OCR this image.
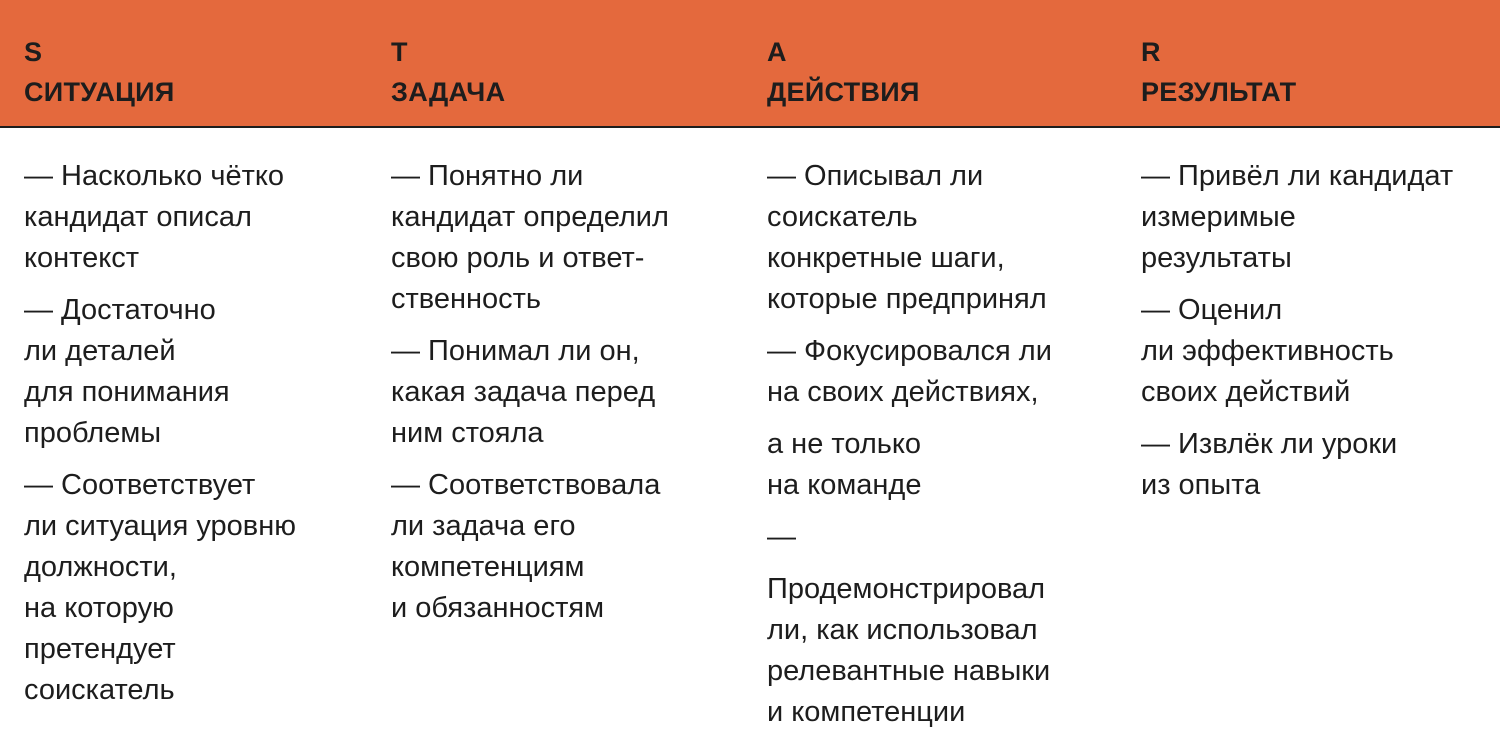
S
СИТУАЦИЯ
T
ЗАДАЧА
A
ДЕЙСТВИЯ
R
РЕЗУЛЬТАТ
— Насколько чётко
кандидат описал
контекст
— Достаточно
ли деталей
для понимания
проблемы
— Соответствует
ли ситуация уровню
должности,
на которую
претендует
соискатель
— Понятно ли
кандидат определил
свою роль и ответ-
ственность
— Понимал ли он,
какая задача перед
ним стояла
— Соответствовала
ли задача его
компетенциям
и обязанностям
— Описывал ли
соискатель
конкретные шаги,
которые предпринял
— Фокусировался ли
на своих действиях,
а не только
на команде
—
Продемонстрировал
ли, как использовал
релевантные навыки
и компетенции
— Привёл ли кандидат
измеримые
результаты
— Оценил
ли эффективность
своих действий
— Извлёк ли уроки
из опыта
